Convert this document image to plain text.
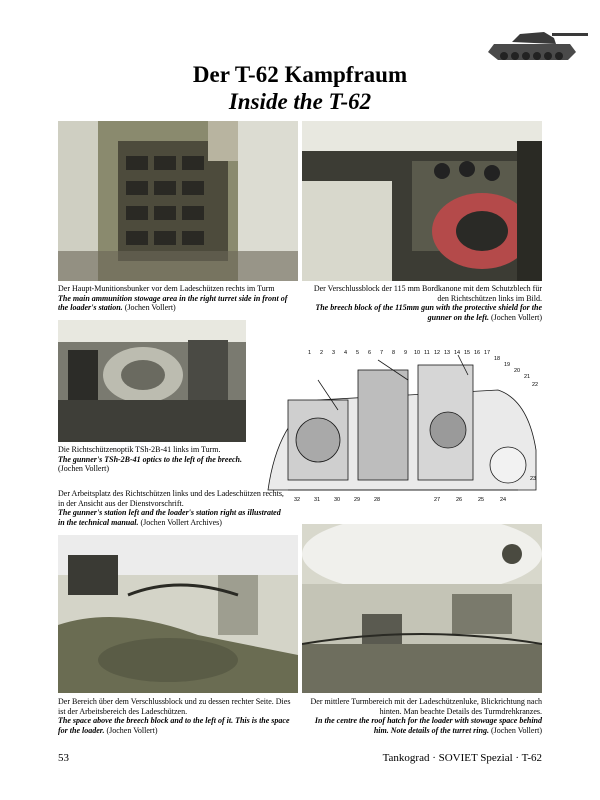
Der T-62 Kampfraum
Inside the T-62
Der Haupt-Munitionsbunker vor dem Ladeschützen rechts im Turm
The main ammunition stowage area in the right turret side in front of the loader's station. (Jochen Vollert)
Der Verschlussblock der 115 mm Bordkanone mit dem Schutzblech für den Richtschützen links im Bild.
The breech block of the 115mm gun with the protective shield for the gunner on the left. (Jochen Vollert)
1 2 3 4 5 6 7 8 9 10 11 12 13 14 15 16 17
18
19
20
21
22
32	31	30	29	28	27	26	25	24
23
Die Richtschützenoptik TSh-2B-41 links im Turm.
The gunner's TSh-2B-41 optics to the left of the breech.
(Jochen Vollert)
Der Arbeitsplatz des Richtschützen links und des Ladeschützen rechts, in der Ansicht aus der Dienstvorschrift.
The gunner's station left and the loader's station right as illustrated in the technical manual. (Jochen Vollert Archives)
Der Bereich über dem Verschlussblock und zu dessen rechter Seite. Dies ist der Arbeitsbereich des Ladeschützen.
The space above the breech block and to the left of it. This is the space for the loader. (Jochen Vollert)
Der mittlere Turmbereich mit der Ladeschützenluke, Blickrichtung nach hinten. Man beachte Details des Turmdrehkranzes.
In the centre the roof hatch for the loader with stowage space behind him. Note details of the turret ring. (Jochen Vollert)
53	Tankograd · SOVIET Spezial · T-62
